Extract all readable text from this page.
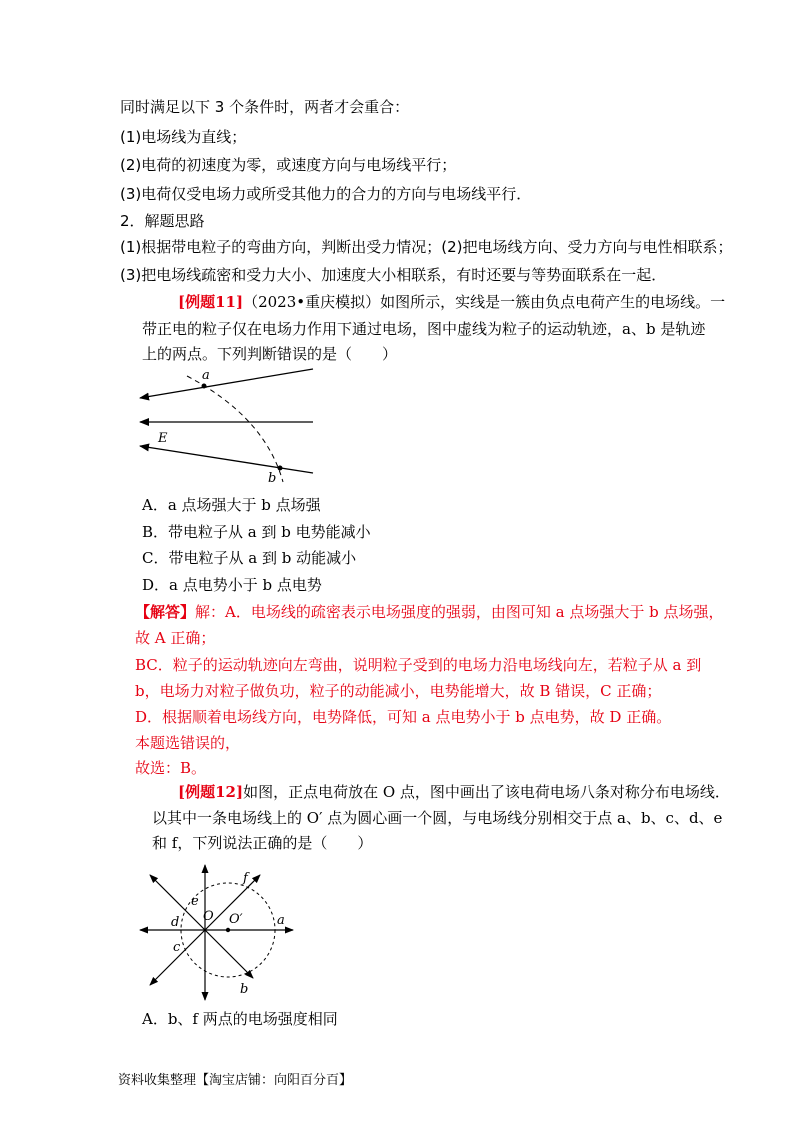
同时满足以下 3 个条件时，两者才会重合：
(1)电场线为直线；
(2)电荷的初速度为零，或速度方向与电场线平行；
(3)电荷仅受电场力或所受其他力的合力的方向与电场线平行．
2．解题思路
(1)根据带电粒子的弯曲方向，判断出受力情况；(2)把电场线方向、受力方向与电性相联系；
(3)把电场线疏密和受力大小、加速度大小相联系，有时还要与等势面联系在一起．
[例题11]（2023•重庆模拟）如图所示，实线是一簇由负点电荷产生的电场线。一
带正电的粒子仅在电场力作用下通过电场，图中虚线为粒子的运动轨迹，a、b 是轨迹
上的两点。下列判断错误的是（　　）
a
b
E
A．a 点场强大于 b 点场强
B．带电粒子从 a 到 b 电势能减小
C．带电粒子从 a 到 b 动能减小
D．a 点电势小于 b 点电势
【解答】解：A．电场线的疏密表示电场强度的强弱，由图可知 a 点场强大于 b 点场强，
故 A 正确；
BC．粒子的运动轨迹向左弯曲，说明粒子受到的电场力沿电场线向左，若粒子从 a 到
b，电场力对粒子做负功，粒子的动能减小，电势能增大，故 B 错误，C 正确；
D．根据顺着电场线方向，电势降低，可知 a 点电势小于 b 点电势，故 D 正确。
本题选错误的，
故选：B。
[例题12]如图，正点电荷放在 O 点，图中画出了该电荷电场八条对称分布电场线．
以其中一条电场线上的 O′ 点为圆心画一个圆，与电场线分别相交于点 a、b、c、d、e
和 f，下列说法正确的是（　　）
O O′	a
b
c
d
e
f
A．b、f 两点的电场强度相同
资料收集整理【淘宝店铺：向阳百分百】
